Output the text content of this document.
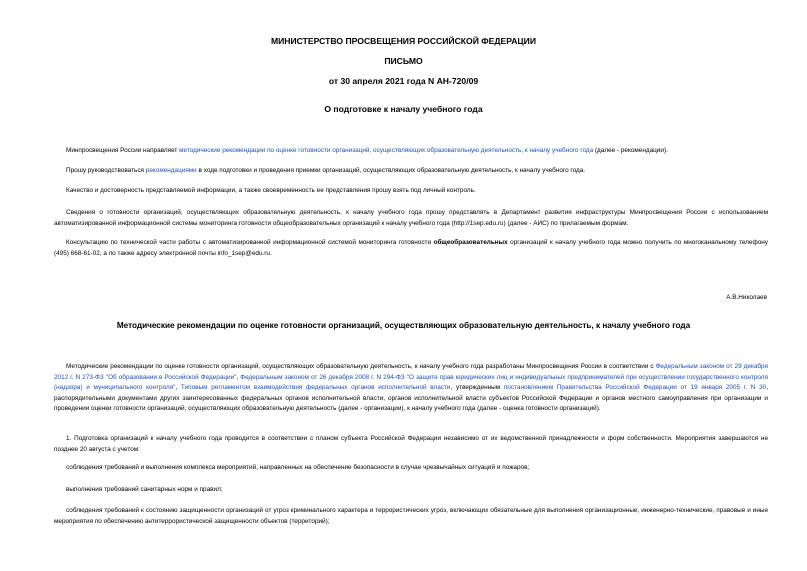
МИНИСТЕРСТВО ПРОСВЕЩЕНИЯ РОССИЙСКОЙ ФЕДЕРАЦИИ
ПИСЬМО
от 30 апреля 2021 года N АН-720/09
О подготовке к началу учебного года

Минпросвещения России направляет методические рекомендации по оценке готовности организаций, осуществляющих образовательную деятельность, к началу учебного года (далее - рекомендации).

Прошу руководствоваться рекомендациями в ходе подготовки и проведения приемки организаций, осуществляющих образовательную деятельность, к началу учебного года.

Качество и достоверность представляемой информации, а также своевременность ее представления прошу взять под личный контроль.

Сведения о готовности организаций, осуществляющих образовательную деятельность, к началу учебного года прошу представлять в Департамент развития инфраструктуры Минпросвещения России с использованием автоматизированной информационной системы мониторинга готовности общеобразовательных организаций к началу учебного года (http://1sep.edu.ru) (далее - АИС) по прилагаемым формам.

Консультацию по технической части работы с автоматизированной информационной системой мониторинга готовности общеобразовательных организаций к началу учебного года можно получить по многоканальному телефону (495) 668-61-02, а по также адресу электронной почты info_1sep@edu.ru.

А.В.Николаев
Методические рекомендации по оценке готовности организаций, осуществляющих образовательную деятельность, к началу учебного года

Методические рекомендации по оценке готовности организаций, осуществляющих образовательную деятельность, к началу учебного года разработаны Минпросвещения России в соответствии с Федеральным законом от 29 декабря 2012 г. N 273-ФЗ "Об образовании в Российской Федерации", Федеральным законом от 26 декабря 2008 г. N 294-ФЗ "О защите прав юридических лиц и индивидуальных предпринимателей при осуществлении государственного контроля (надзора) и муниципального контроля", Типовым регламентом взаимодействия федеральных органов исполнительной власти, утвержденным постановлением Правительства Российской Федерации от 19 января 2005 г. N 30, распорядительными документами других заинтересованных федеральных органов исполнительной власти, органов исполнительной власти субъектов Российской Федерации и органов местного самоуправления при организации и проведении оценки готовности организаций, осуществляющих образовательную деятельность (далее - организации), к началу учебного года (далее - оценка готовности организаций).

1. Подготовка организаций к началу учебного года проводится в соответствии с планом субъекта Российской Федерации независимо от их ведомственной принадлежности и форм собственности. Мероприятия завершаются не позднее 20 августа с учетом:

соблюдения требований и выполнения комплекса мероприятий, направленных на обеспечение безопасности в случае чрезвычайных ситуаций и пожаров;

выполнения требований санитарных норм и правил;

соблюдения требований к состоянию защищенности организаций от угроз криминального характера и террористических угроз, включающих обязательные для выполнения организационные, инженерно-технические, правовые и иные мероприятия по обеспечению антитеррористической защищенности объектов (территорий);
